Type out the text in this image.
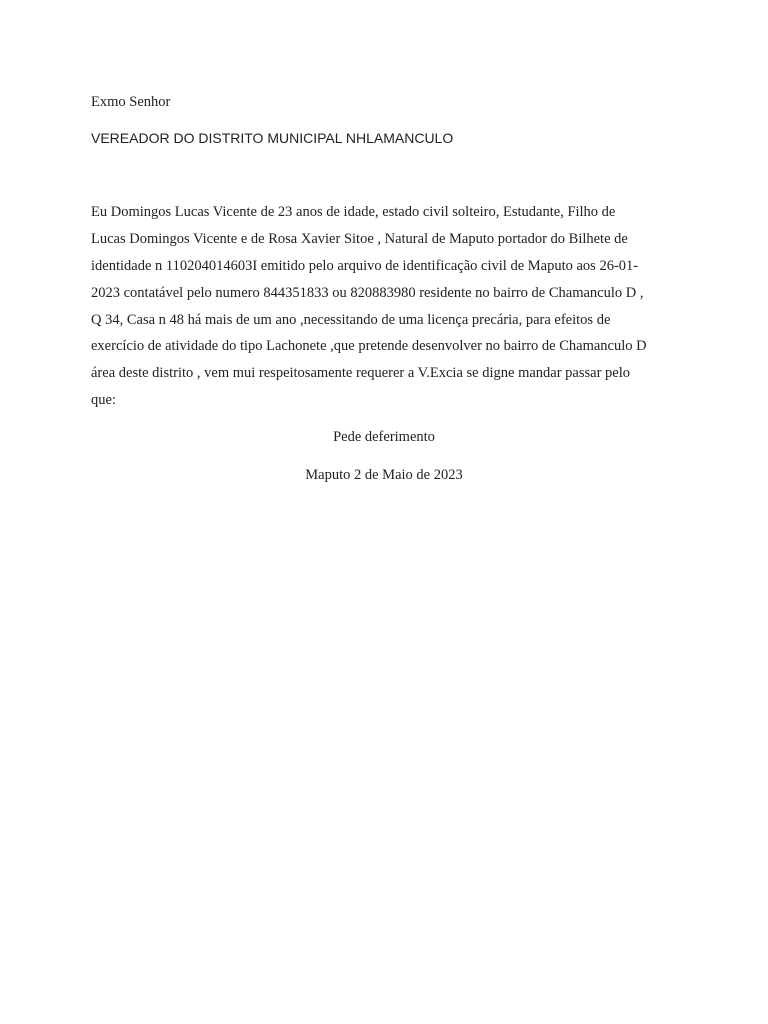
Exmo Senhor
VEREADOR DO DISTRITO MUNICIPAL NHLAMANCULO
Eu Domingos Lucas Vicente de 23 anos de idade, estado civil solteiro, Estudante, Filho de
Lucas Domingos Vicente e de Rosa Xavier Sitoe , Natural de Maputo portador do Bilhete de
identidade n 110204014603I emitido pelo arquivo de identificação civil de Maputo aos 26-01-
2023 contatável pelo numero 844351833 ou 820883980 residente no bairro de Chamanculo D ,
Q 34, Casa n 48 há mais de um ano ,necessitando de uma licença precária, para efeitos de
exercício de atividade do tipo Lachonete ,que pretende desenvolver no bairro de Chamanculo D
área deste distrito , vem mui respeitosamente requerer a V.Excia se digne mandar passar pelo
que:
Pede deferimento
Maputo 2 de Maio de 2023
